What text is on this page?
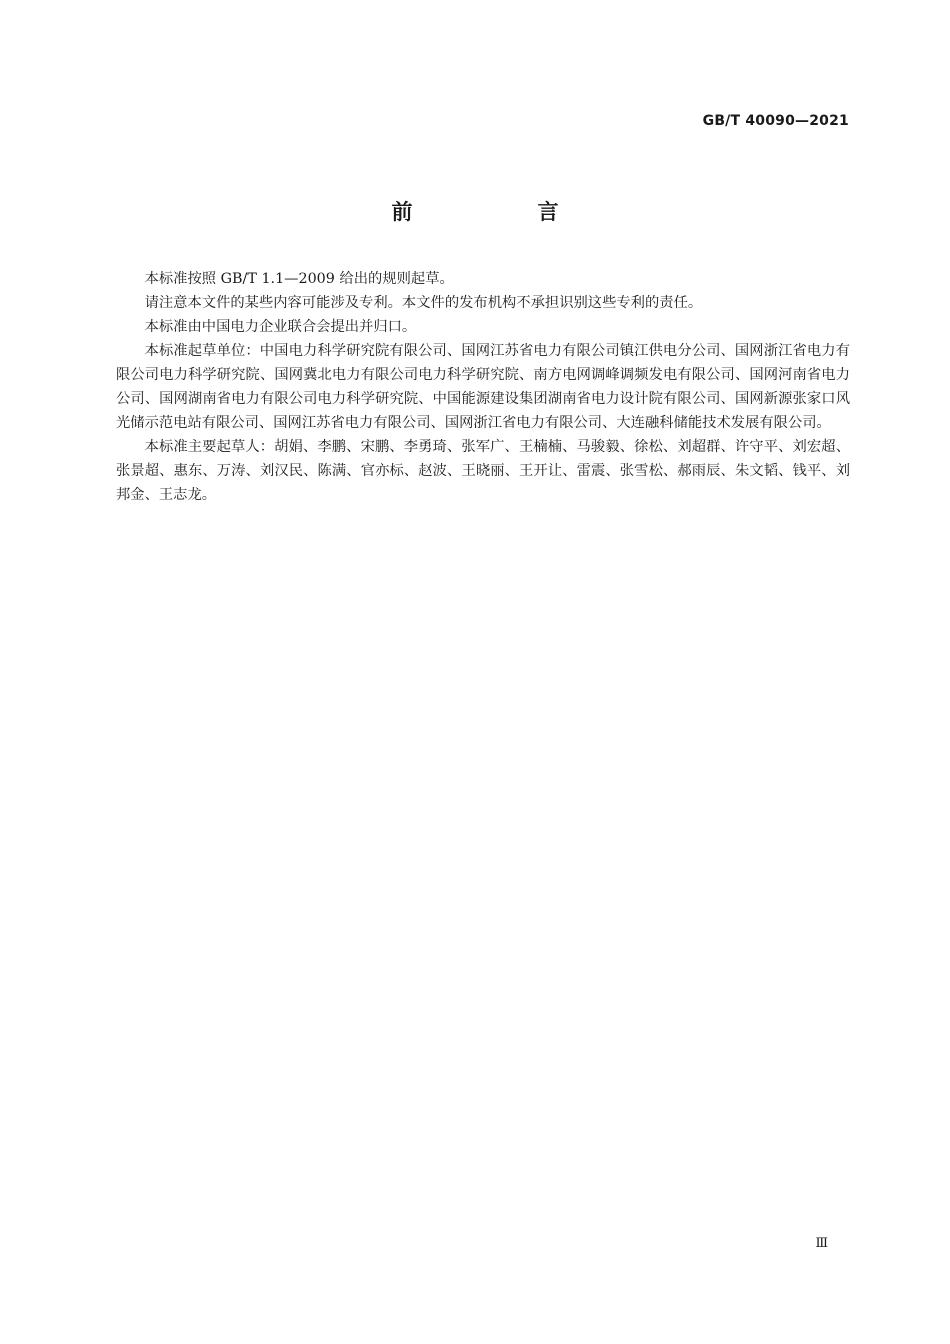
GB/T 40090—2021
前　言

本标准按照 GB/T 1.1—2009 给出的规则起草。

请注意本文件的某些内容可能涉及专利。本文件的发布机构不承担识别这些专利的责任。

本标准由中国电力企业联合会提出并归口。

本标准起草单位：中国电力科学研究院有限公司、国网江苏省电力有限公司镇江供电分公司、国网浙江省电力有限公司电力科学研究院、国网冀北电力有限公司电力科学研究院、南方电网调峰调频发电有限公司、国网河南省电力公司、国网湖南省电力有限公司电力科学研究院、中国能源建设集团湖南省电力设计院有限公司、国网新源张家口风光储示范电站有限公司、国网江苏省电力有限公司、国网浙江省电力有限公司、大连融科储能技术发展有限公司。

本标准主要起草人：胡娟、李鹏、宋鹏、李勇琦、张军广、王楠楠、马骏毅、徐松、刘超群、许守平、刘宏超、张景超、惠东、万涛、刘汉民、陈满、官亦标、赵波、王晓丽、王开让、雷震、张雪松、郝雨辰、朱文韬、钱平、刘邦金、王志龙。

Ⅲ
